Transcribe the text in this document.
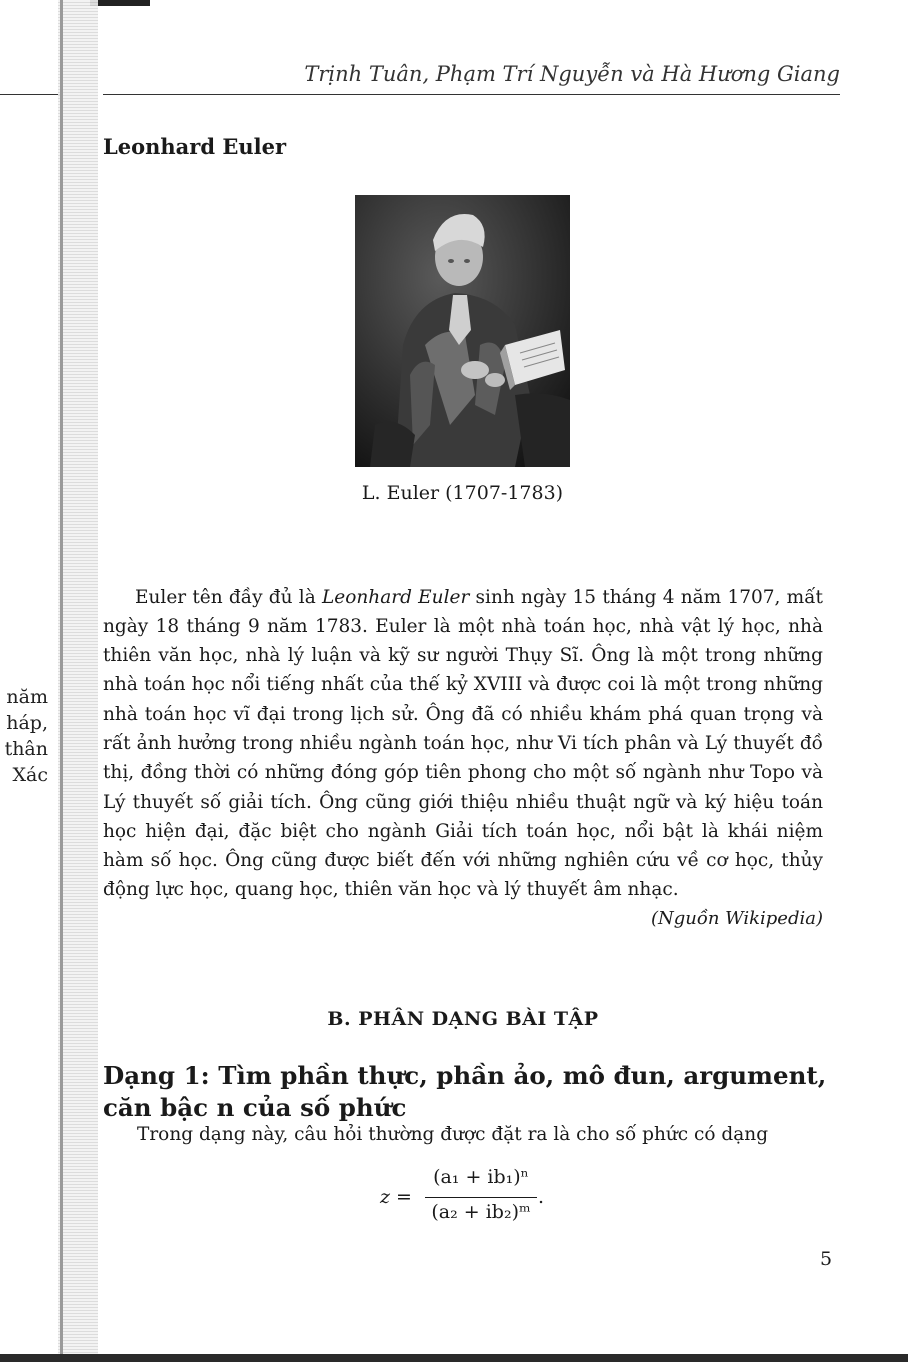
năm
háp,
thân
Xác
Trịnh Tuân, Phạm Trí Nguyễn và Hà Hương Giang
Leonhard Euler
L. Euler (1707-1783)

Euler tên đầy đủ là Leonhard Euler sinh ngày 15 tháng 4 năm 1707, mất ngày 18 tháng 9 năm 1783. Euler là một nhà toán học, nhà vật lý học, nhà thiên văn học, nhà lý luận và kỹ sư người Thụy Sĩ. Ông là một trong những nhà toán học nổi tiếng nhất của thế kỷ XVIII và được coi là một trong những nhà toán học vĩ đại trong lịch sử. Ông đã có nhiều khám phá quan trọng và rất ảnh hưởng trong nhiều ngành toán học, như Vi tích phân và Lý thuyết đồ thị, đồng thời có những đóng góp tiên phong cho một số ngành như Topo và Lý thuyết số giải tích. Ông cũng giới thiệu nhiều thuật ngữ và ký hiệu toán học hiện đại, đặc biệt cho ngành Giải tích toán học, nổi bật là khái niệm hàm số học. Ông cũng được biết đến với những nghiên cứu về cơ học, thủy động lực học, quang học, thiên văn học và lý thuyết âm nhạc.

(Nguồn Wikipedia)
B. PHÂN DẠNG BÀI TẬP
Dạng 1: Tìm phần thực, phần ảo, mô đun, argument, căn bậc n của số phức
Trong dạng này, câu hỏi thường được đặt ra là cho số phức có dạng
z =
(a₁ + ib₁)ⁿ
(a₂ + ib₂)ᵐ
.
5
